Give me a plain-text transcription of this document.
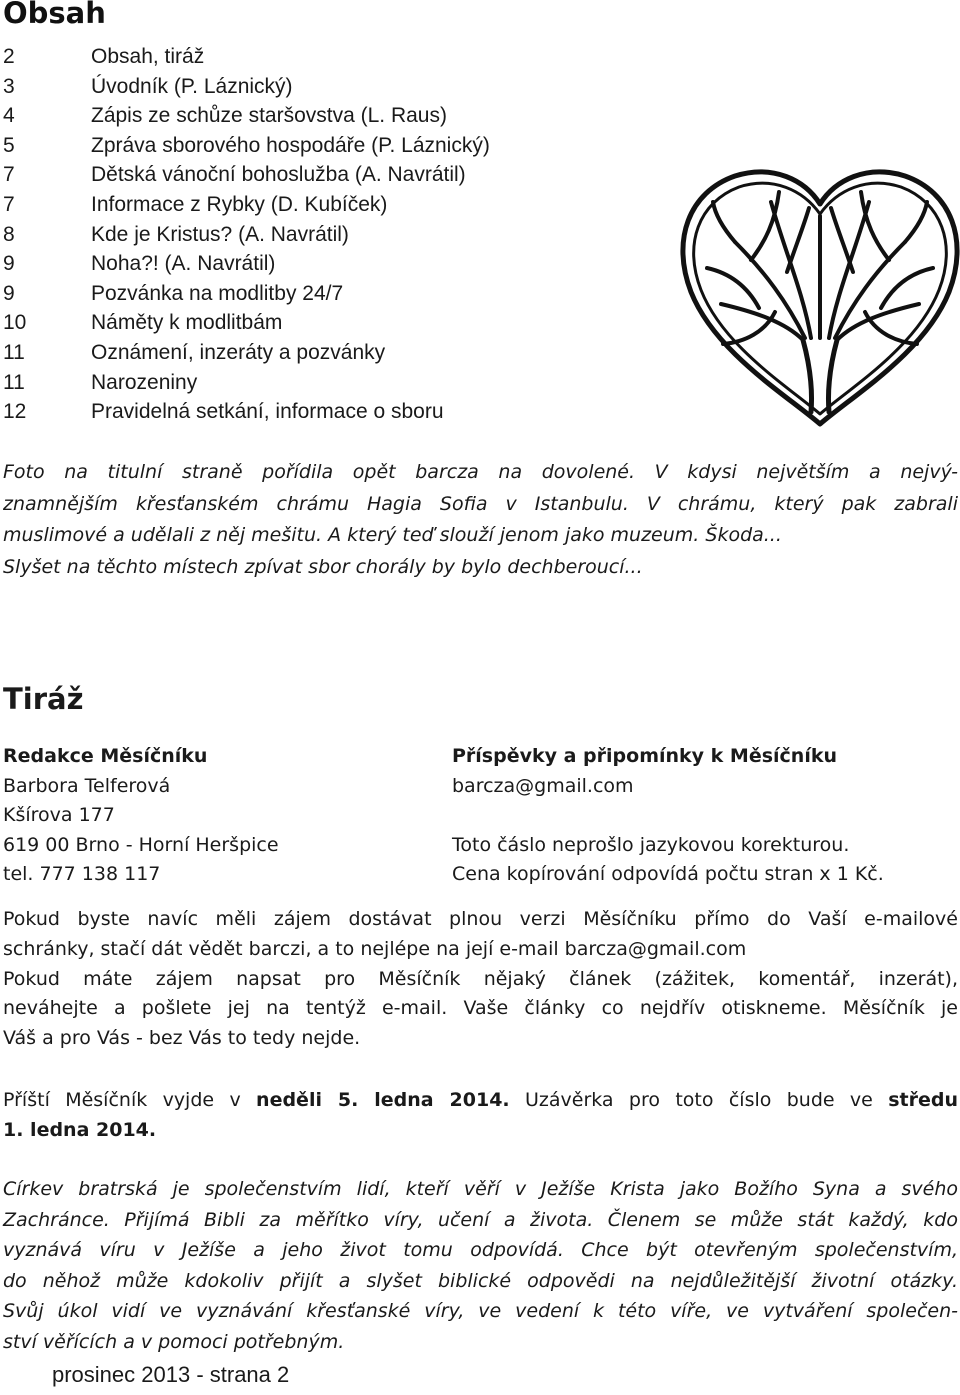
Obsah
2	Obsah, tiráž
3	Úvodník (P. Láznický)
4	Zápis ze schůze staršovstva (L. Raus)
5	Zpráva sborového hospodáře (P. Láznický)
7	Dětská vánoční bohoslužba (A. Navrátil)
7	Informace z Rybky (D. Kubíček)
8	Kde je Kristus? (A. Navrátil)
9	Noha?! (A. Navrátil)
9	Pozvánka na modlitby 24/7
10	Náměty k modlitbám
11	Oznámení, inzeráty a pozvánky
11	Narozeniny
12	Pravidelná setkání, informace o sboru
Foto na titulní straně pořídila opět barcza na dovolené. V kdysi největším a nejvý-
znamnějším křesťanském chrámu Hagia Sofia v Istanbulu. V chrámu, který pak zabrali
muslimové a udělali z něj mešitu. A který teď slouží jenom jako muzeum. Škoda...
Slyšet na těchto místech zpívat sbor chorály by bylo dechberoucí...
Tiráž
Redakce Měsíčníku
Barbora Telferová
Kšírova 177
619 00 Brno - Horní Heršpice
tel. 777 138 117
Příspěvky a připomínky k Měsíčníku
barcza@gmail.com
Toto čáslo neprošlo jazykovou korekturou.
Cena kopírování odpovídá počtu stran x 1 Kč.
Pokud byste navíc měli zájem dostávat plnou verzi Měsíčníku přímo do Vaší e-mailové
schránky, stačí dát vědět barczi, a to nejlépe na její e-mail barcza@gmail.com
Pokud máte zájem napsat pro Měsíčník nějaký článek (zážitek, komentář, inzerát),
neváhejte a pošlete jej na tentýž e-mail. Vaše články co nejdřív otiskneme. Měsíčník je
Váš a pro Vás - bez Vás to tedy nejde.
Příští Měsíčník vyjde v neděli 5. ledna 2014. Uzávěrka pro toto číslo bude ve středu
1. ledna 2014.
Církev bratrská je společenstvím lidí, kteří věří v Ježíše Krista jako Božího Syna a svého
Zachránce. Přijímá Bibli za měřítko víry, učení a života. Členem se může stát každý, kdo
vyznává víru v Ježíše a jeho život tomu odpovídá. Chce být otevřeným společenstvím,
do něhož může kdokoliv přijít a slyšet biblické odpovědi na nejdůležitější životní otázky.
Svůj úkol vidí ve vyznávání křesťanské víry, ve vedení k této víře, ve vytváření společen-
ství věřících a v pomoci potřebným.
prosinec 2013 - strana 2
